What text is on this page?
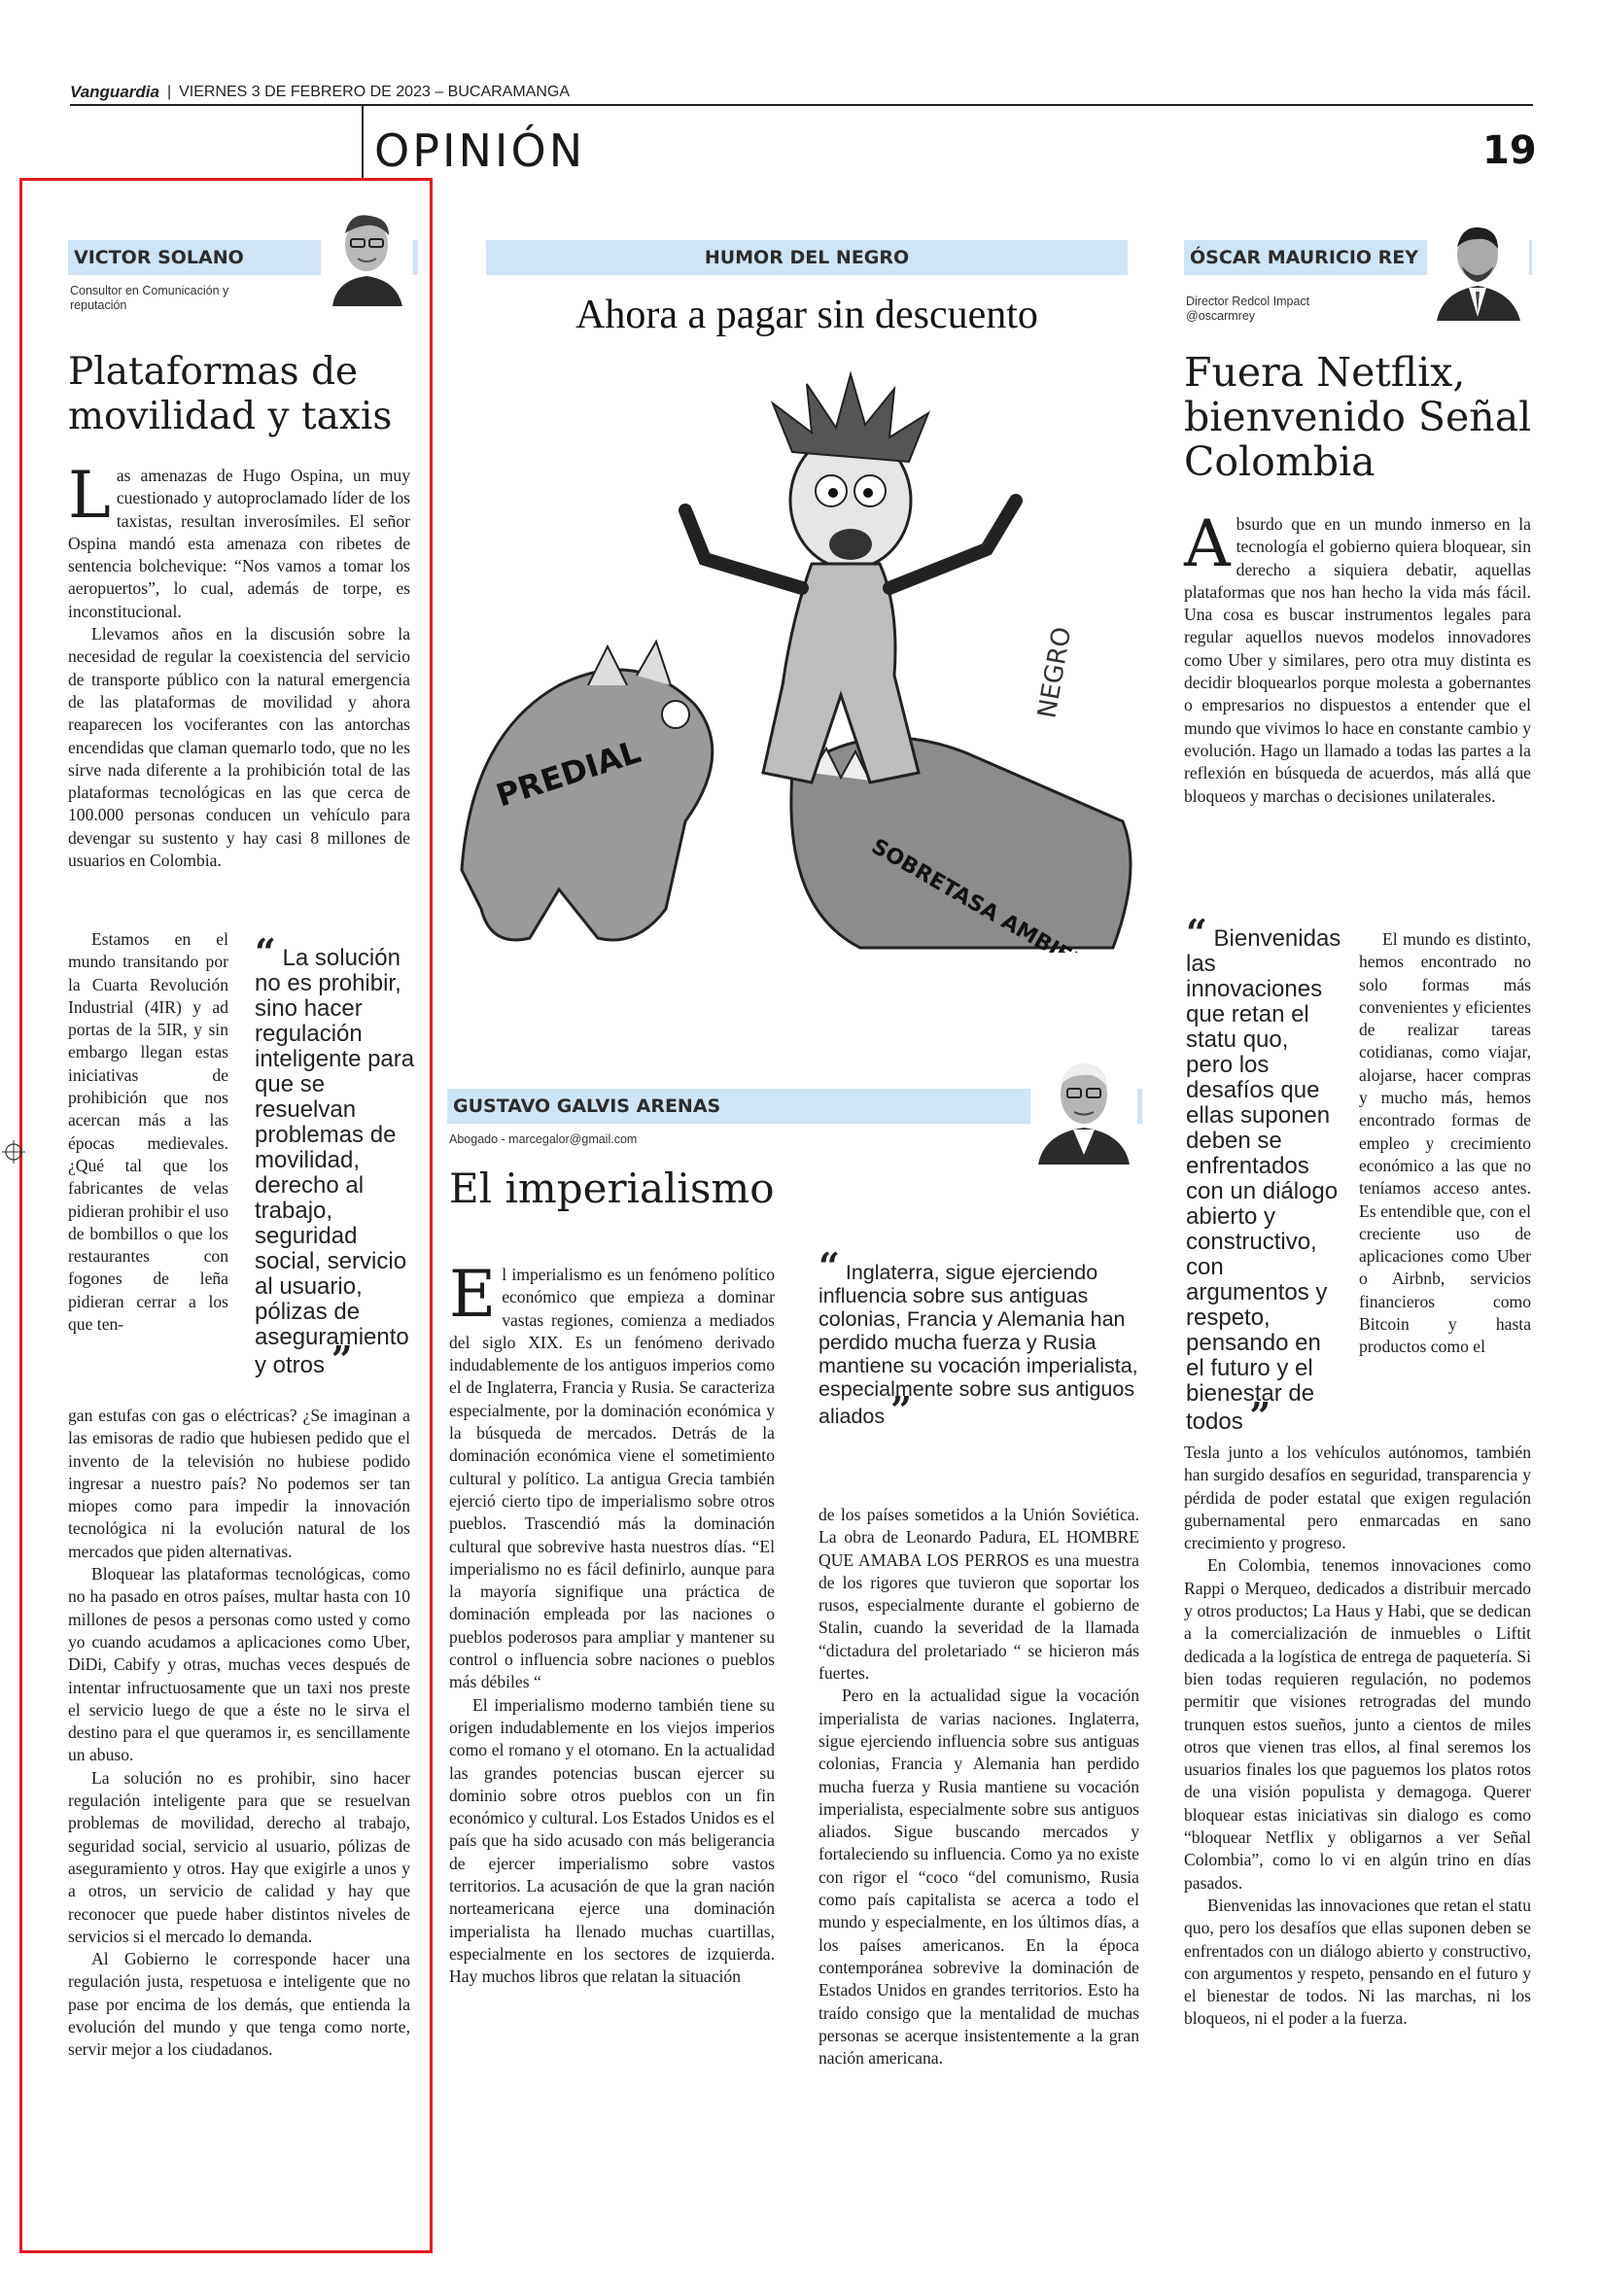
Vanguardia | VIERNES 3 DE FEBRERO DE 2023 – BUCARAMANGA
OPINIÓN	19
VICTOR SOLANO
Consultor en Comunicación y reputación
Plataformas de movilidad y taxis

Las amenazas de Hugo Ospina, un muy cuestionado y autoproclamado líder de los taxistas, resultan inverosímiles. El señor Ospina mandó esta amenaza con ribetes de sentencia bolchevique: “Nos vamos a tomar los aeropuertos”, lo cual, además de torpe, es inconstitucional.

Llevamos años en la discusión sobre la necesidad de regular la coexistencia del servicio de transporte público con la natural emergencia de las plataformas de movilidad y ahora reaparecen los vociferantes con las antorchas encendidas que claman quemarlo todo, que no les sirve nada diferente a la prohibición total de las plataformas tecnológicas en las que cerca de 100.000 personas conducen un vehículo para devengar su sustento y hay casi 8 millones de usuarios en Colombia.

Estamos en el mundo transitando por la Cuarta Revolución Industrial (4IR) y ad portas de la 5IR, y sin embargo llegan estas iniciativas de prohibición que nos acercan más a las épocas medievales. ¿Qué tal que los fabricantes de velas pidieran prohibir el uso de bombillos o que los restaurantes con fogones de leña pidieran cerrar a los que ten-

“ La solución no es prohibir, sino hacer regulación inteligente para que se resuelvan problemas de movilidad, derecho al trabajo, seguridad social, servicio al usuario, pólizas de aseguramiento y otros ”

gan estufas con gas o eléctricas? ¿Se imaginan a las emisoras de radio que hubiesen pedido que el invento de la televisión no hubiese podido ingresar a nuestro país? No podemos ser tan miopes como para impedir la innovación tecnológica ni la evolución natural de los mercados que piden alternativas.

Bloquear las plataformas tecnológicas, como no ha pasado en otros países, multar hasta con 10 millones de pesos a personas como usted y como yo cuando acudamos a aplicaciones como Uber, DiDi, Cabify y otras, muchas veces después de intentar infructuosamente que un taxi nos preste el servicio luego de que a éste no le sirva el destino para el que queramos ir, es sencillamente un abuso.

La solución no es prohibir, sino hacer regulación inteligente para que se resuelvan problemas de movilidad, derecho al trabajo, seguridad social, servicio al usuario, pólizas de aseguramiento y otros. Hay que exigirle a unos y a otros, un servicio de calidad y hay que reconocer que puede haber distintos niveles de servicios si el mercado lo demanda.

Al Gobierno le corresponde hacer una regulación justa, respetuosa e inteligente que no pase por encima de los demás, que entienda la evolución del mundo y que tenga como norte, servir mejor a los ciudadanos.

HUMOR DEL NEGRO
Ahora a pagar sin descuento
PREDIAL
NEGRO
GUSTAVO GALVIS ARENAS
Abogado - marcegalor@gmail.com
El imperialismo

El imperialismo es un fenómeno político económico que empieza a dominar vastas regiones, comienza a mediados del siglo XIX. Es un fenómeno derivado indudablemente de los antiguos imperios como el de Inglaterra, Francia y Rusia. Se caracteriza especialmente, por la dominación económica y la búsqueda de mercados. Detrás de la dominación económica viene el sometimiento cultural y político. La antigua Grecia también ejerció cierto tipo de imperialismo sobre otros pueblos. Trascendió más la dominación cultural que sobrevive hasta nuestros días. “El imperialismo no es fácil definirlo, aunque para la mayoría signifique una práctica de dominación empleada por las naciones o pueblos poderosos para ampliar y mantener su control o influencia sobre naciones o pueblos más débiles “

El imperialismo moderno también tiene su origen indudablemente en los viejos imperios como el romano y el otomano. En la actualidad las grandes potencias buscan ejercer su dominio sobre otros pueblos con un fin económico y cultural. Los Estados Unidos es el país que ha sido acusado con más beligerancia de ejercer imperialismo sobre vastos territorios. La acusación de que la gran nación norteamericana ejerce una dominación imperialista ha llenado muchas cuartillas, especialmente en los sectores de izquierda. Hay muchos libros que relatan la situación

“ Inglaterra, sigue ejerciendo influencia sobre sus antiguas colonias, Francia y Alemania han perdido mucha fuerza y Rusia mantiene su vocación imperialista, especialmente sobre sus antiguos aliados ”

de los países sometidos a la Unión Soviética. La obra de Leonardo Padura, EL HOMBRE QUE AMABA LOS PERROS es una muestra de los rigores que tuvieron que soportar los rusos, especialmente durante el gobierno de Stalin, cuando la severidad de la llamada “dictadura del proletariado “ se hicieron más fuertes.

Pero en la actualidad sigue la vocación imperialista de varias naciones. Inglaterra, sigue ejerciendo influencia sobre sus antiguas colonias, Francia y Alemania han perdido mucha fuerza y Rusia mantiene su vocación imperialista, especialmente sobre sus antiguos aliados. Sigue buscando mercados y fortaleciendo su influencia. Como ya no existe con rigor el “coco “del comunismo, Rusia como país capitalista se acerca a todo el mundo y especialmente, en los últimos días, a los países americanos. En la época contemporánea sobrevive la dominación de Estados Unidos en grandes territorios. Esto ha traído consigo que la mentalidad de muchas personas se acerque insistentemente a la gran nación americana.

ÓSCAR MAURICIO REY
Director Redcol Impact @oscarmrey
Fuera Netflix, bienvenido Señal Colombia

Absurdo que en un mundo inmerso en la tecnología el gobierno quiera bloquear, sin derecho a siquiera debatir, aquellas plataformas que nos han hecho la vida más fácil. Una cosa es buscar instrumentos legales para regular aquellos nuevos modelos innovadores como Uber y similares, pero otra muy distinta es decidir bloquearlos porque molesta a gobernantes o empresarios no dispuestos a entender que el mundo que vivimos lo hace en constante cambio y evolución. Hago un llamado a todas las partes a la reflexión en búsqueda de acuerdos, más allá que bloqueos y marchas o decisiones unilaterales.

“ Bienvenidas las innovaciones que retan el statu quo, pero los desafíos que ellas suponen deben se enfrentados con un diálogo abierto y constructivo, con argumentos y respeto, pensando en el futuro y el bienestar de todos ”

El mundo es distinto, hemos encontrado no solo formas más convenientes y eficientes de realizar tareas cotidianas, como viajar, alojarse, hacer compras y mucho más, hemos encontrado formas de empleo y crecimiento económico a las que no teníamos acceso antes. Es entendible que, con el creciente uso de aplicaciones como Uber o Airbnb, servicios financieros como Bitcoin y hasta productos como el

Tesla junto a los vehículos autónomos, también han surgido desafíos en seguridad, transparencia y pérdida de poder estatal que exigen regulación gubernamental pero enmarcadas en sano crecimiento y progreso.

En Colombia, tenemos innovaciones como Rappi o Merqueo, dedicados a distribuir mercado y otros productos; La Haus y Habi, que se dedican a la comercialización de inmuebles o Liftit dedicada a la logística de entrega de paquetería. Si bien todas requieren regulación, no podemos permitir que visiones retrogradas del mundo trunquen estos sueños, junto a cientos de miles otros que vienen tras ellos, al final seremos los usuarios finales los que paguemos los platos rotos de una visión populista y demagoga. Querer bloquear estas iniciativas sin dialogo es como “bloquear Netflix y obligarnos a ver Señal Colombia”, como lo vi en algún trino en días pasados.

Bienvenidas las innovaciones que retan el statu quo, pero los desafíos que ellas suponen deben se enfrentados con un diálogo abierto y constructivo, con argumentos y respeto, pensando en el futuro y el bienestar de todos. Ni las marchas, ni los bloqueos, ni el poder a la fuerza.
